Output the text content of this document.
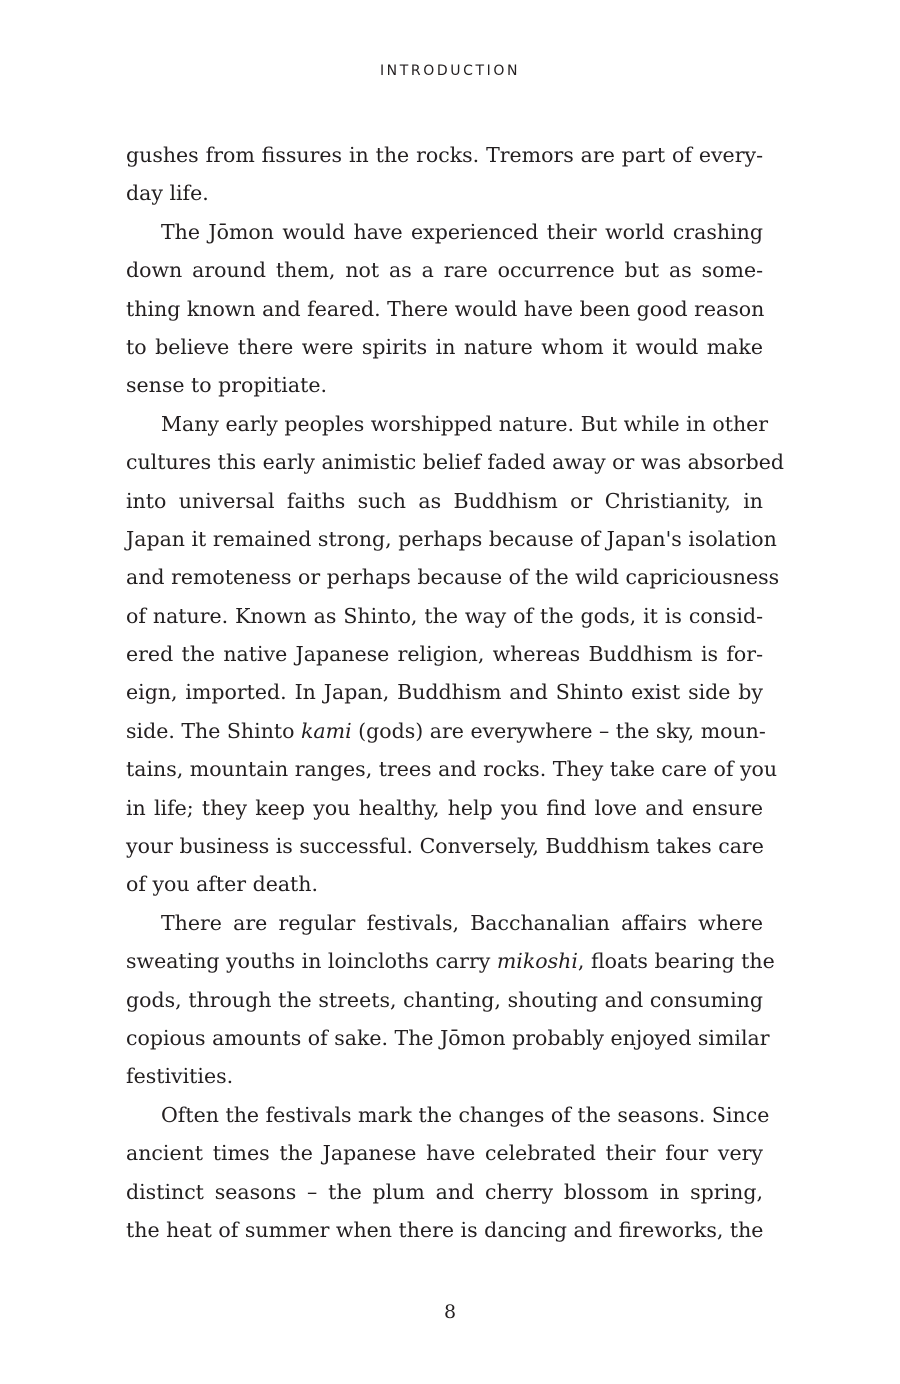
INTRODUCTION
gushes from fissures in the rocks. Tremors are part of every-
day life.
The Jōmon would have experienced their world crashing
down around them, not as a rare occurrence but as some-
thing known and feared. There would have been good reason
to believe there were spirits in nature whom it would make
sense to propitiate.
Many early peoples worshipped nature. But while in other
cultures this early animistic belief faded away or was absorbed
into universal faiths such as Buddhism or Christianity, in
Japan it remained strong, perhaps because of Japan's isolation
and remoteness or perhaps because of the wild capriciousness
of nature. Known as Shinto, the way of the gods, it is consid-
ered the native Japanese religion, whereas Buddhism is for-
eign, imported. In Japan, Buddhism and Shinto exist side by
side. The Shinto kami (gods) are everywhere – the sky, moun-
tains, mountain ranges, trees and rocks. They take care of you
in life; they keep you healthy, help you find love and ensure
your business is successful. Conversely, Buddhism takes care
of you after death.
There are regular festivals, Bacchanalian affairs where
sweating youths in loincloths carry mikoshi, floats bearing the
gods, through the streets, chanting, shouting and consuming
copious amounts of sake. The Jōmon probably enjoyed similar
festivities.
Often the festivals mark the changes of the seasons. Since
ancient times the Japanese have celebrated their four very
distinct seasons – the plum and cherry blossom in spring,
the heat of summer when there is dancing and fireworks, the
8
